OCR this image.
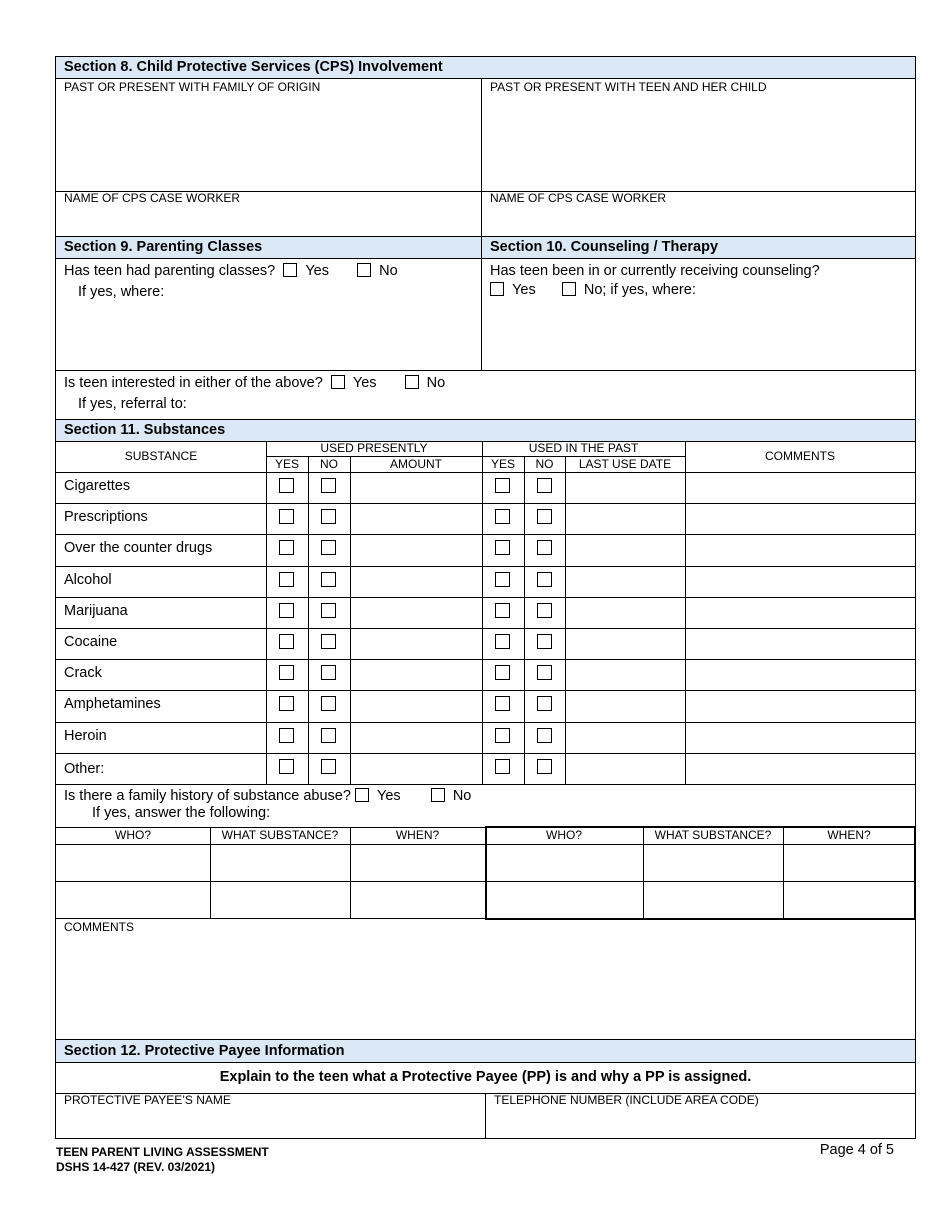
Section 8. Child Protective Services (CPS) Involvement
PAST OR PRESENT WITH FAMILY OF ORIGIN	PAST OR PRESENT WITH TEEN AND HER CHILD
NAME OF CPS CASE WORKER	NAME OF CPS CASE WORKER
Section 9. Parenting Classes	Section 10. Counseling / Therapy
Has teen had parenting classes? Yes	No
If yes, where:
Has teen been in or currently receiving counseling?
Yes	No; if yes, where:
Is teen interested in either of the above? Yes	No
If yes, referral to:
Section 11. Substances
SUBSTANCE
USED PRESENTLY	USED IN THE PAST
COMMENTS
YES	NO	AMOUNT	YES	NO	LAST USE DATE
Cigarettes
Prescriptions
Over the counter drugs
Alcohol
Marijuana
Cocaine
Crack
Amphetamines
Heroin
Other:
Is there a family history of substance abuse? Yes	No
If yes, answer the following:
WHO?	WHAT SUBSTANCE?	WHEN?	WHO?	WHAT SUBSTANCE?	WHEN?
COMMENTS
Section 12. Protective Payee Information
Explain to the teen what a Protective Payee (PP) is and why a PP is assigned.
PROTECTIVE PAYEE’S NAME	TELEPHONE NUMBER (INCLUDE AREA CODE)
TEEN PARENT LIVING ASSESSMENT
DSHS 14-427 (REV. 03/2021)
Page 4 of 5
